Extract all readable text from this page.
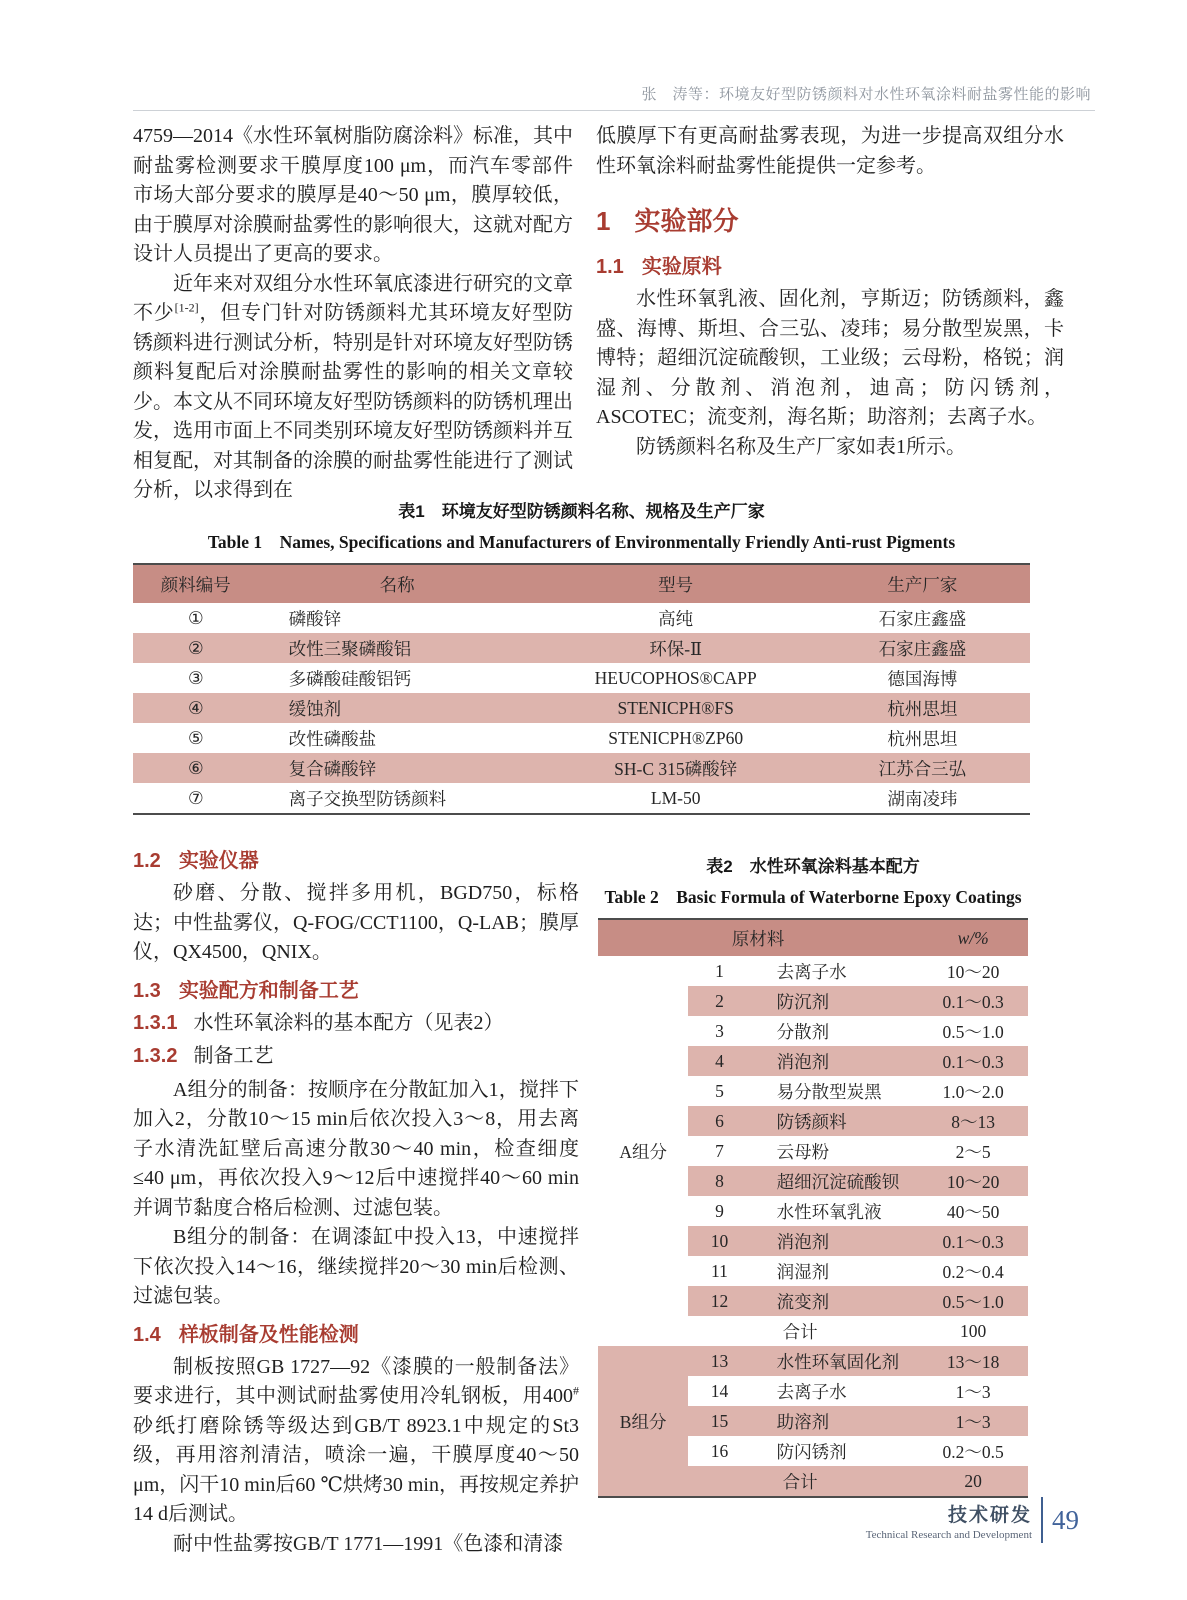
张　涛等：环境友好型防锈颜料对水性环氧涂料耐盐雾性能的影响

4759—2014《水性环氧树脂防腐涂料》标准，其中耐盐雾检测要求干膜厚度100 μm，而汽车零部件市场大部分要求的膜厚是40～50 μm，膜厚较低，由于膜厚对涂膜耐盐雾性的影响很大，这就对配方设计人员提出了更高的要求。

近年来对双组分水性环氧底漆进行研究的文章不少[1-2]，但专门针对防锈颜料尤其环境友好型防锈颜料进行测试分析，特别是针对环境友好型防锈颜料复配后对涂膜耐盐雾性的影响的相关文章较少。本文从不同环境友好型防锈颜料的防锈机理出发，选用市面上不同类别环境友好型防锈颜料并互相复配，对其制备的涂膜的耐盐雾性能进行了测试分析，以求得到在

低膜厚下有更高耐盐雾表现，为进一步提高双组分水性环氧涂料耐盐雾性能提供一定参考。

1 实验部分
1.1 实验原料

水性环氧乳液、固化剂，亨斯迈；防锈颜料，鑫盛、海博、斯坦、合三弘、凌玮；易分散型炭黑，卡博特；超细沉淀硫酸钡，工业级；云母粉，格锐；润湿剂、分散剂、消泡剂，迪高；防闪锈剂，ASCOTEC；流变剂，海名斯；助溶剂；去离子水。

防锈颜料名称及生产厂家如表1所示。

表1　环境友好型防锈颜料名称、规格及生产厂家
Table 1　Names, Specifications and Manufacturers of Environmentally Friendly Anti-rust Pigments
颜料编号	名称	型号	生产厂家
①	磷酸锌	高纯	石家庄鑫盛
②	改性三聚磷酸铝	环保-Ⅱ	石家庄鑫盛
③	多磷酸硅酸铝钙	HEUCOPHOS®CAPP	德国海博
④	缓蚀剂	STENICPH®FS	杭州思坦
⑤	改性磷酸盐	STENICPH®ZP60	杭州思坦
⑥	复合磷酸锌	SH-C 315磷酸锌	江苏合三弘
⑦	离子交换型防锈颜料	LM-50	湖南凌玮
1.2 实验仪器

砂磨、分散、搅拌多用机，BGD750，标格达；中性盐雾仪，Q-FOG/CCT1100，Q-LAB；膜厚仪，QX4500，QNIX。

1.3 实验配方和制备工艺
1.3.1 水性环氧涂料的基本配方（见表2）
1.3.2 制备工艺

A组分的制备：按顺序在分散缸加入1，搅拌下加入2，分散10～15 min后依次投入3～8，用去离子水清洗缸壁后高速分散30～40 min，检查细度≤40 μm，再依次投入9～12后中速搅拌40～60 min并调节黏度合格后检测、过滤包装。

B组分的制备：在调漆缸中投入13，中速搅拌下依次投入14～16，继续搅拌20～30 min后检测、过滤包装。

1.4 样板制备及性能检测

制板按照GB 1727—92《漆膜的一般制备法》要求进行，其中测试耐盐雾使用冷轧钢板，用400#砂纸打磨除锈等级达到GB/T 8923.1中规定的St3级，再用溶剂清洁，喷涂一遍，干膜厚度40～50 μm，闪干10 min后60 ℃烘烤30 min，再按规定养护14 d后测试。

耐中性盐雾按GB/T 1771—1991《色漆和清漆

表2　水性环氧涂料基本配方
Table 2　Basic Formula of Waterborne Epoxy Coatings
原材料			w/%
A组分	1	去离子水	10～20
	2	防沉剂	0.1～0.3
	3	分散剂	0.5～1.0
	4	消泡剂	0.1～0.3
	5	易分散型炭黑	1.0～2.0
	6	防锈颜料	8～13
	7	云母粉	2～5
	8	超细沉淀硫酸钡	10～20
	9	水性环氧乳液	40～50
	10	消泡剂	0.1～0.3
	11	润湿剂	0.2～0.4
	12	流变剂	0.5～1.0
		合计	100
B组分	13	水性环氧固化剂	13～18
	14	去离子水	1～3
	15	助溶剂	1～3
	16	防闪锈剂	0.2～0.5
		合计	20
技术研发
Technical Research and Development 49
